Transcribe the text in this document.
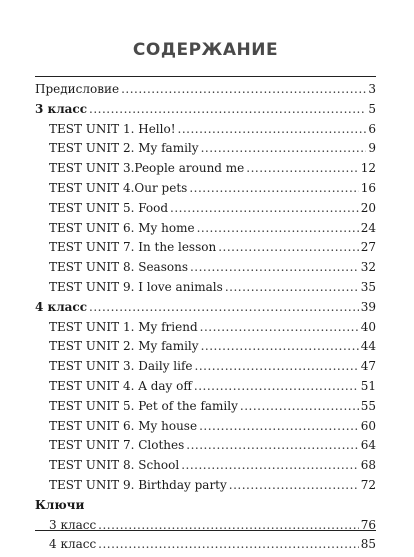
СОДЕРЖАНИЕ
Предисловие .....	3
3 класс .....	5
TEST UNIT 1. Hello! .....	6
TEST UNIT 2. My family .....	9
TEST UNIT 3.People around me .....	12
TEST UNIT 4.Our pets .....	16
TEST UNIT 5. Food .....	20
TEST UNIT 6. My home .....	24
TEST UNIT 7. In the lesson .....	27
TEST UNIT 8. Seasons .....	32
TEST UNIT 9. I love animals .....	35
4 класс .....	39
TEST UNIT 1. My friend .....	40
TEST UNIT 2. My family .....	44
TEST UNIT 3. Daily life .....	47
TEST UNIT 4. A day off .....	51
TEST UNIT 5. Pet of the family .....	55
TEST UNIT 6. My house .....	60
TEST UNIT 7. Clothes .....	64
TEST UNIT 8. School .....	68
TEST UNIT 9. Birthday party .....	72
Ключи
3 класс .....	76
4 класс .....	85
